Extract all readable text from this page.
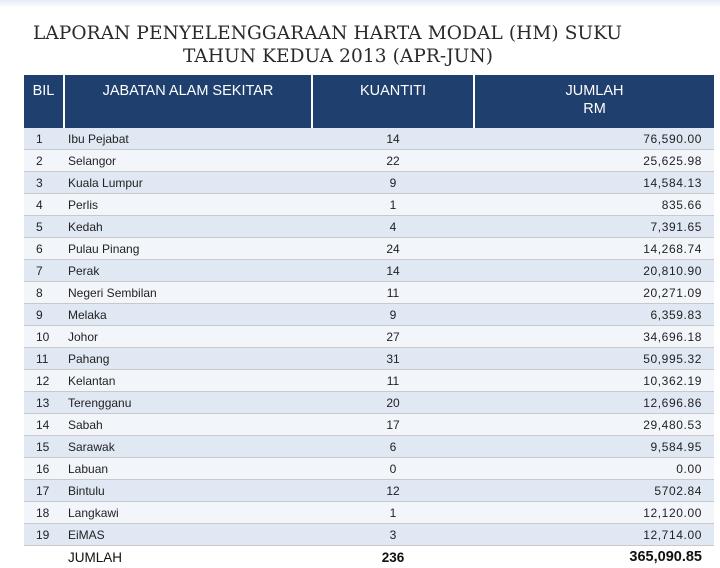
LAPORAN PENYELENGGARAAN HARTA MODAL (HM) SUKU
TAHUN KEDUA 2013 (APR-JUN)
BIL	JABATAN ALAM SEKITAR	KUANTITI	JUMLAH
RM
1	Ibu Pejabat	14	76,590.00
2	Selangor	22	25,625.98
3	Kuala Lumpur	9	14,584.13
4	Perlis	1	835.66
5	Kedah	4	7,391.65
6	Pulau Pinang	24	14,268.74
7	Perak	14	20,810.90
8	Negeri Sembilan	11	20,271.09
9	Melaka	9	6,359.83
10	Johor	27	34,696.18
11	Pahang	31	50,995.32
12	Kelantan	11	10,362.19
13	Terengganu	20	12,696.86
14	Sabah	17	29,480.53
15	Sarawak	6	9,584.95
16	Labuan	0	0.00
17	Bintulu	12	5702.84
18	Langkawi	1	12,120.00
19	EiMAS	3	12,714.00
	JUMLAH	236	365,090.85
